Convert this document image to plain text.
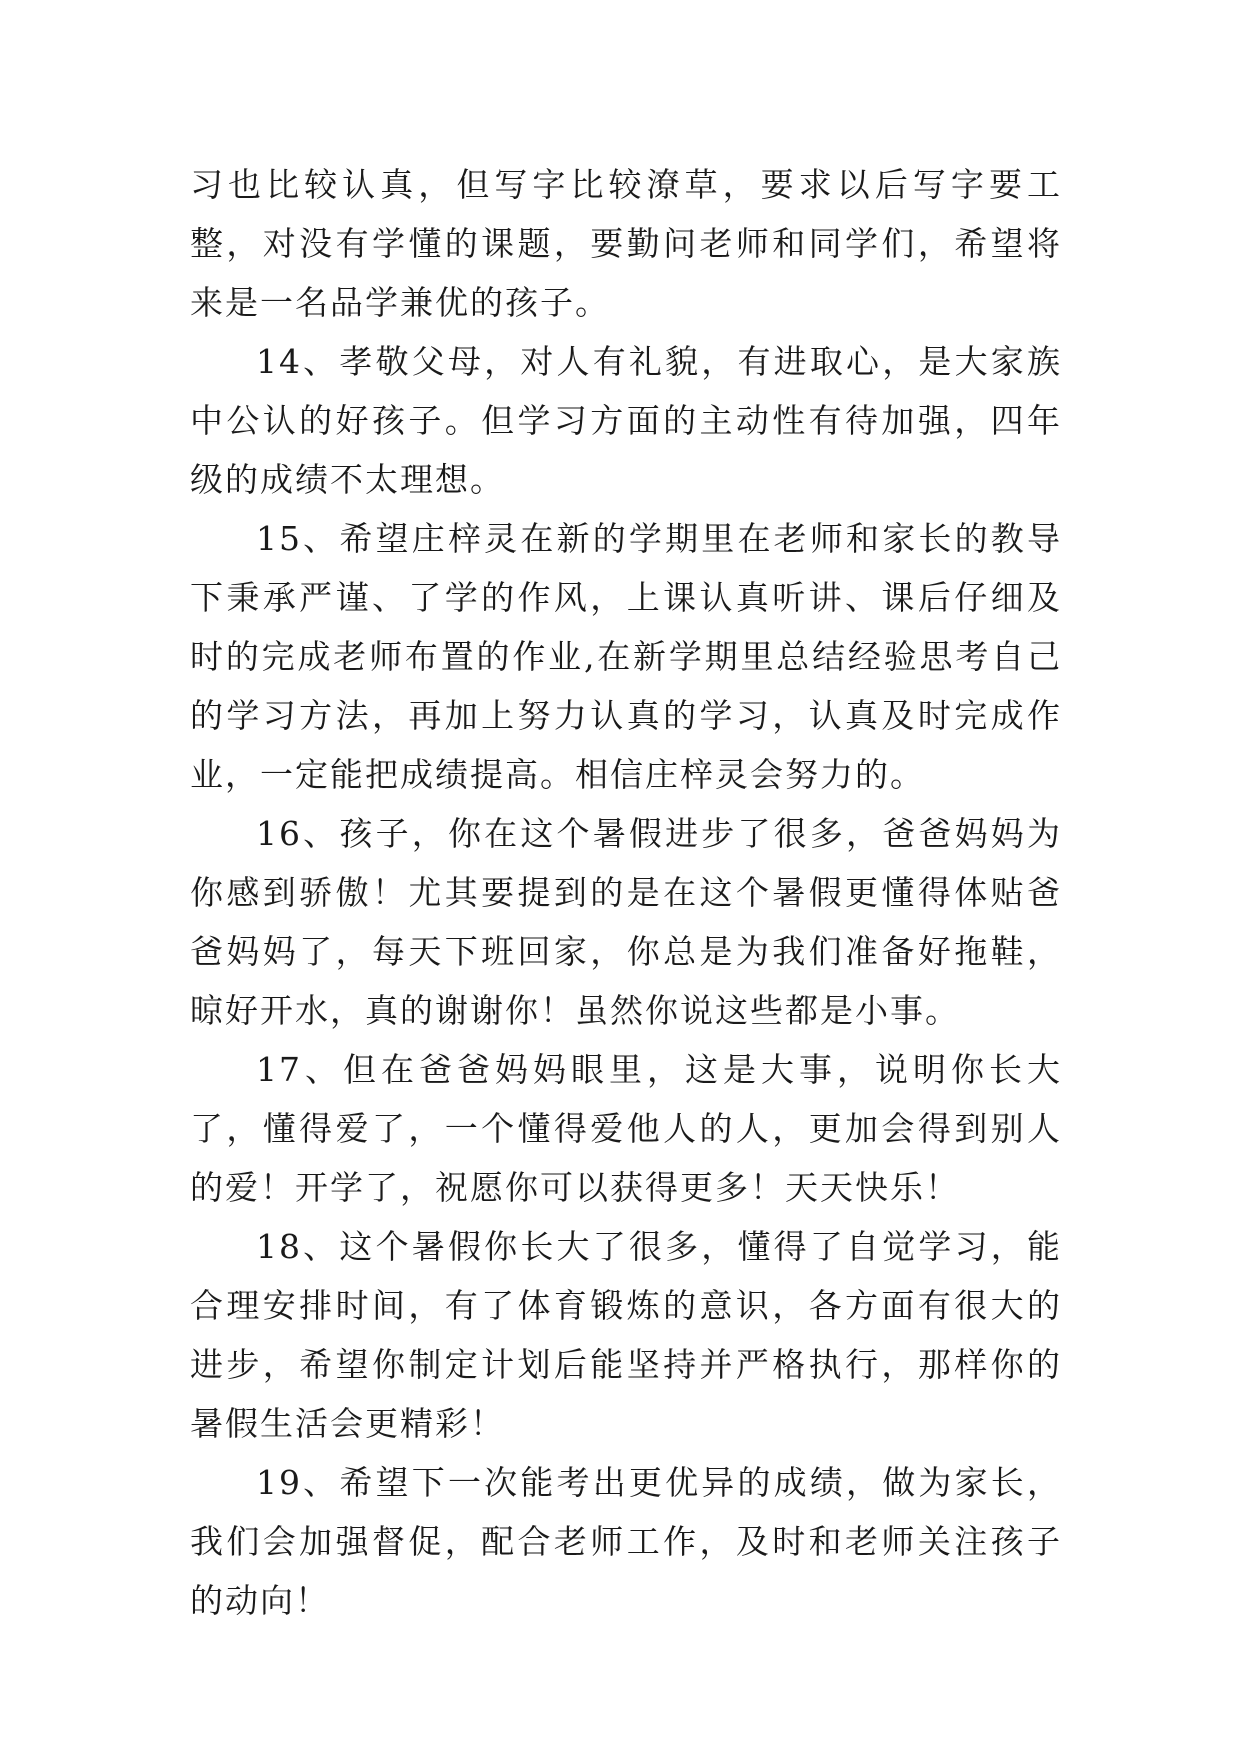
习也比较认真，但写字比较潦草，要求以后写字要工整，对没有学懂的课题，要勤问老师和同学们，希望将来是一名品学兼优的孩子。

14、孝敬父母，对人有礼貌，有进取心，是大家族中公认的好孩子。但学习方面的主动性有待加强，四年级的成绩不太理想。

15、希望庄梓灵在新的学期里在老师和家长的教导下秉承严谨、了学的作风，上课认真听讲、课后仔细及时的完成老师布置的作业,在新学期里总结经验思考自己的学习方法，再加上努力认真的学习，认真及时完成作业，一定能把成绩提高。相信庄梓灵会努力的。

16、孩子，你在这个暑假进步了很多，爸爸妈妈为你感到骄傲！尤其要提到的是在这个暑假更懂得体贴爸爸妈妈了，每天下班回家，你总是为我们准备好拖鞋，晾好开水，真的谢谢你！虽然你说这些都是小事。

17、但在爸爸妈妈眼里，这是大事，说明你长大了，懂得爱了，一个懂得爱他人的人，更加会得到别人的爱！开学了，祝愿你可以获得更多！天天快乐！

18、这个暑假你长大了很多，懂得了自觉学习，能合理安排时间，有了体育锻炼的意识，各方面有很大的进步，希望你制定计划后能坚持并严格执行，那样你的暑假生活会更精彩！

19、希望下一次能考出更优异的成绩，做为家长，我们会加强督促，配合老师工作，及时和老师关注孩子的动向！
